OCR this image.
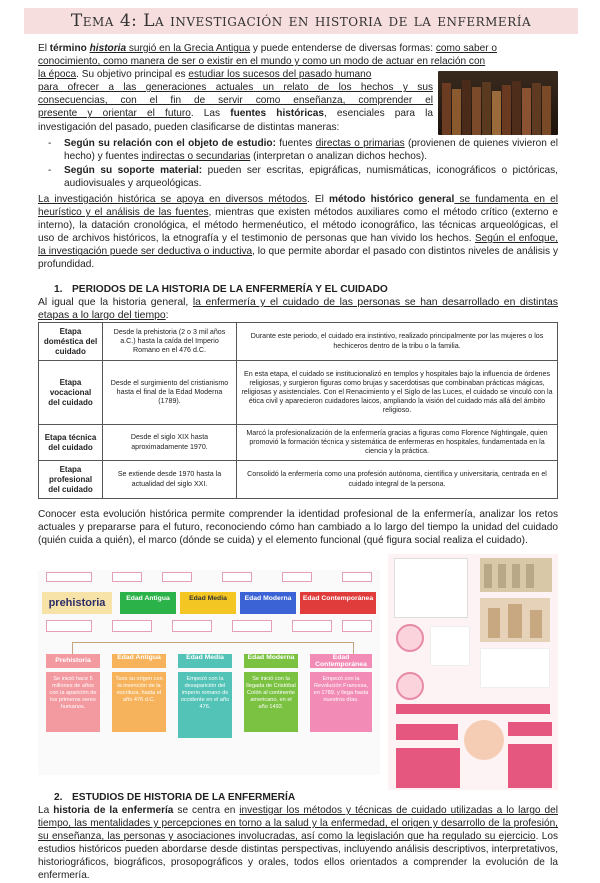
Tema 4: La investigación en historia de la enfermería
El término historia surgió en la Grecia Antigua y puede entenderse de diversas formas: como saber o
conocimiento, como manera de ser o existir en el mundo y como un modo de actuar en relación con
la época. Su objetivo principal es estudiar los sucesos del pasado humano
para ofrecer a las generaciones actuales un relato de los hechos y sus
consecuencias, con el fin de servir como enseñanza, comprender el
presente y orientar el futuro. Las fuentes históricas, esenciales para la
investigación del pasado, pueden clasificarse de distintas maneras:
- Según su relación con el objeto de estudio: fuentes directas o primarias (provienen de quienes vivieron el hecho) y fuentes indirectas o secundarias (interpretan o analizan dichos hechos).
- Según su soporte material: pueden ser escritas, epigráficas, numismáticas, iconográficos o pictóricas, audiovisuales y arqueológicas.
La investigación histórica se apoya en diversos métodos. El método histórico general se fundamenta en el heurístico y el análisis de las fuentes, mientras que existen métodos auxiliares como el método crítico (externo e interno), la datación cronológica, el método hermenéutico, el método iconográfico, las técnicas arqueológicas, el uso de archivos históricos, la etnografía y el testimonio de personas que han vivido los hechos. Según el enfoque, la investigación puede ser deductiva o inductiva, lo que permite abordar el pasado con distintos niveles de análisis y profundidad.
1. PERIODOS DE LA HISTORIA DE LA ENFERMERÍA Y EL CUIDADO
Al igual que la historia general, la enfermería y el cuidado de las personas se han desarrollado en distintas etapas a lo largo del tiempo:
Etapa doméstica del cuidado	Desde la prehistoria (2 o 3 mil años a.C.) hasta la caída del Imperio Romano en el 476 d.C.	Durante este periodo, el cuidado era instintivo, realizado principalmente por las mujeres o los hechiceros dentro de la tribu o la familia.
Etapa vocacional del cuidado	Desde el surgimiento del cristianismo hasta el final de la Edad Moderna (1789).	En esta etapa, el cuidado se institucionalizó en templos y hospitales bajo la influencia de órdenes religiosas, y surgieron figuras como brujas y sacerdotisas que combinaban prácticas mágicas, religiosas y asistenciales. Con el Renacimiento y el Siglo de las Luces, el cuidado se vinculó con la ética civil y aparecieron cuidadores laicos, ampliando la visión del cuidado más allá del ámbito religioso.
Etapa técnica del cuidado	Desde el siglo XIX hasta aproximadamente 1970.	Marcó la profesionalización de la enfermería gracias a figuras como Florence Nightingale, quien promovió la formación técnica y sistemática de enfermeras en hospitales, fundamentada en la ciencia y la práctica.
Etapa profesional del cuidado	Se extiende desde 1970 hasta la actualidad del siglo XXI.	Consolidó la enfermería como una profesión autónoma, científica y universitaria, centrada en el cuidado integral de la persona.
Conocer esta evolución histórica permite comprender la identidad profesional de la enfermería, analizar los retos actuales y prepararse para el futuro, reconociendo cómo han cambiado a lo largo del tiempo la unidad del cuidado (quién cuida a quién), el marco (dónde se cuida) y el elemento funcional (qué figura social realiza el cuidado).
prehistoria	Edad Antigua	Edad Media	Edad Moderna	Edad Contemporánea
Prehistoria
Se inició hace 5 millones de años con la aparición de los primeros seres humanos.
Edad Antigua
Tuvo su origen con la invención de la escritura, hasta el año 476 d.C.
Edad Media
Empezó con la desaparición del imperio romano de occidente en el año 476.
Edad Moderna
Se inició con la llegada de Cristóbal Colón al continente americano, en el año 1492.
Edad Contemporánea
Empezó con la Revolución Francesa, en 1789, y llega hasta nuestros días.
2. ESTUDIOS DE HISTORIA DE LA ENFERMERÍA
La historia de la enfermería se centra en investigar los métodos y técnicas de cuidado utilizadas a lo largo del tiempo, las mentalidades y percepciones en torno a la salud y la enfermedad, el origen y desarrollo de la profesión, su enseñanza, las personas y asociaciones involucradas, así como la legislación que ha regulado su ejercicio. Los estudios históricos pueden abordarse desde distintas perspectivas, incluyendo análisis descriptivos, interpretativos, historiográficos, biográficos, prosopográficos y orales, todos ellos orientados a comprender la evolución de la enfermería.
